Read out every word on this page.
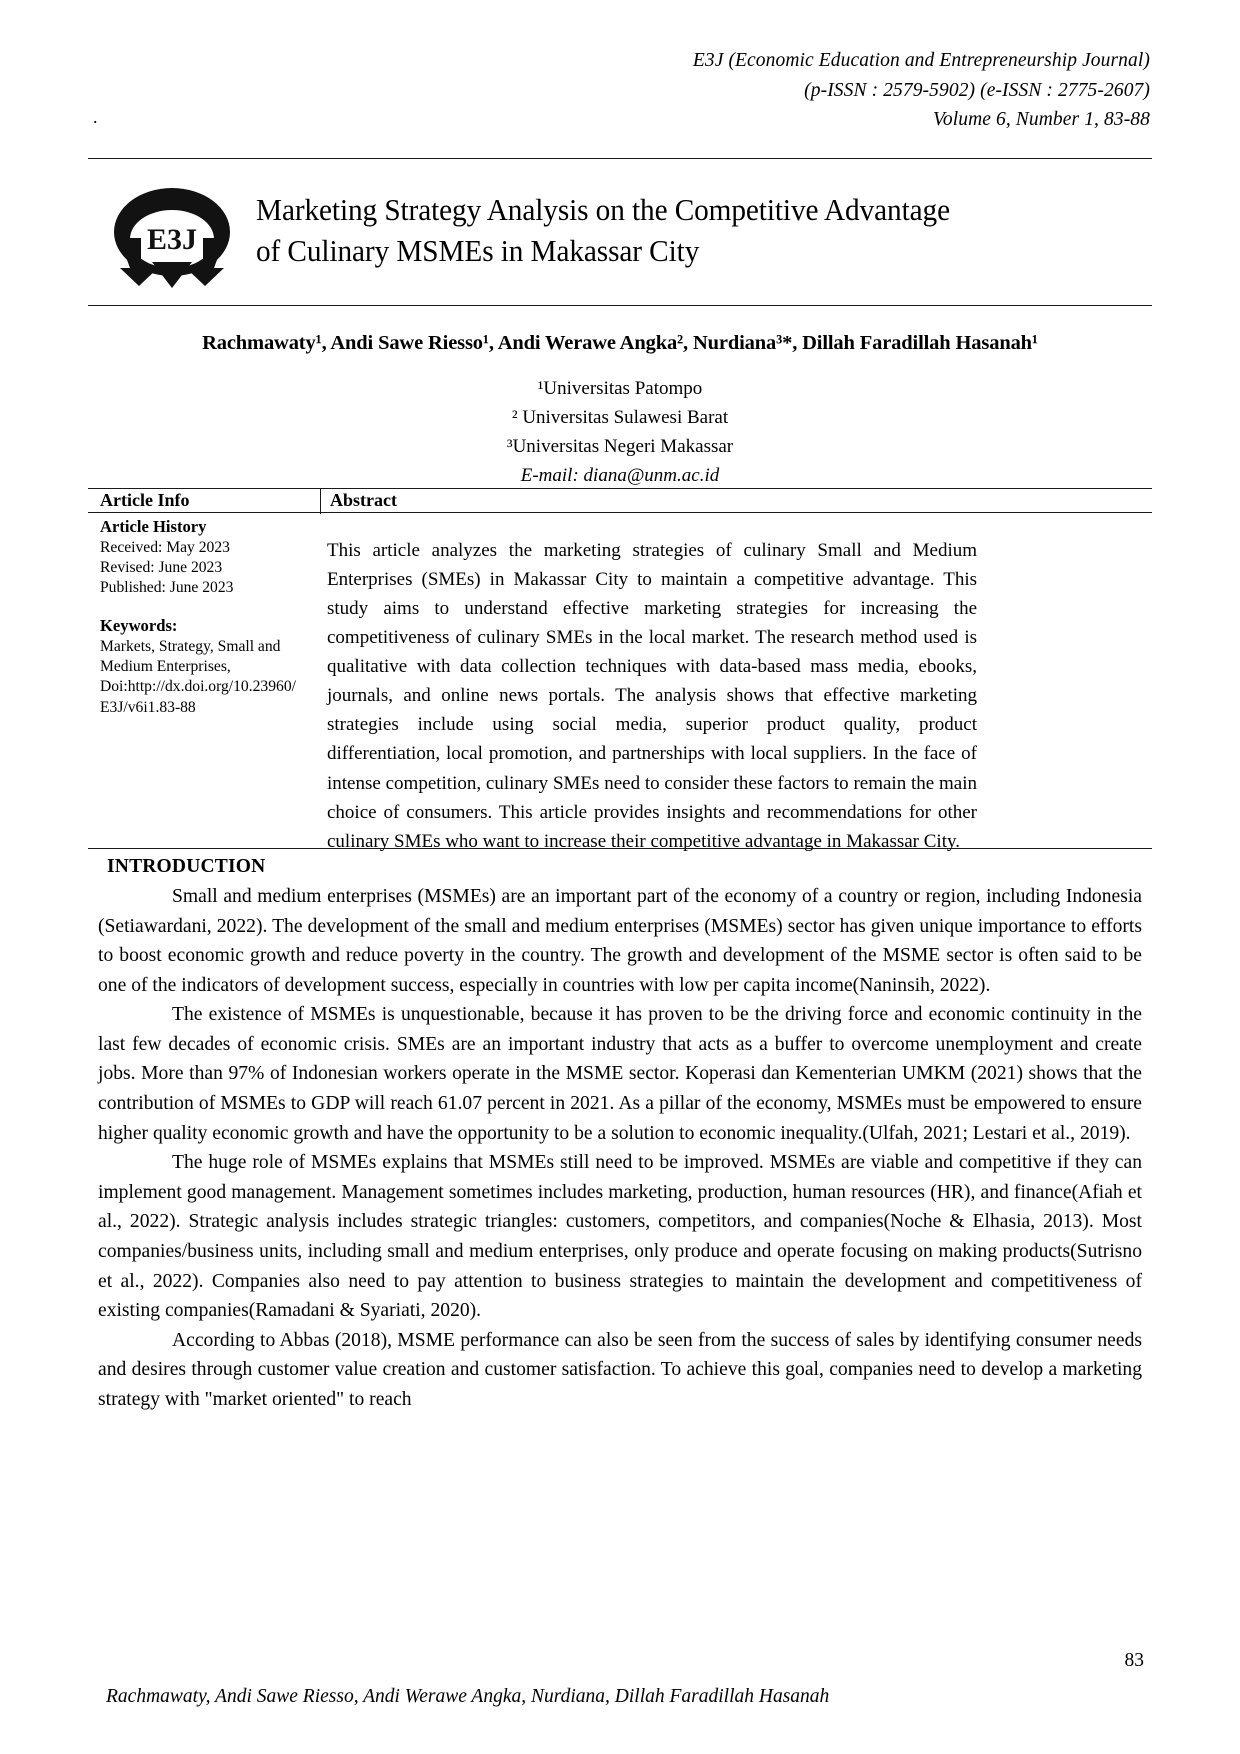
E3J (Economic Education and Entrepreneurship Journal)
(p-ISSN : 2579-5902) (e-ISSN : 2775-2607)
Volume 6, Number 1, 83-88
.
E3J
Marketing Strategy Analysis on the Competitive Advantage
of Culinary MSMEs in Makassar City
Rachmawaty¹, Andi Sawe Riesso¹, Andi Werawe Angka², Nurdiana³*, Dillah Faradillah Hasanah¹
¹Universitas Patompo
² Universitas Sulawesi Barat
³Universitas Negeri Makassar
E-mail: diana@unm.ac.id
Article Info	Abstract
Article History
Received: May 2023
Revised: June 2023
Published: June 2023
Keywords:
Markets, Strategy, Small and
Medium Enterprises,
Doi:http://dx.doi.org/10.23960/
E3J/v6i1.83-88
This article analyzes the marketing strategies of culinary Small and Medium Enterprises (SMEs) in Makassar City to maintain a competitive advantage. This study aims to understand effective marketing strategies for increasing the competitiveness of culinary SMEs in the local market. The research method used is qualitative with data collection techniques with data-based mass media, ebooks, journals, and online news portals. The analysis shows that effective marketing strategies include using social media, superior product quality, product differentiation, local promotion, and partnerships with local suppliers. In the face of intense competition, culinary SMEs need to consider these factors to remain the main choice of consumers. This article provides insights and recommendations for other culinary SMEs who want to increase their competitive advantage in Makassar City.
INTRODUCTION

Small and medium enterprises (MSMEs) are an important part of the economy of a country or region, including Indonesia (Setiawardani, 2022). The development of the small and medium enterprises (MSMEs) sector has given unique importance to efforts to boost economic growth and reduce poverty in the country. The growth and development of the MSME sector is often said to be one of the indicators of development success, especially in countries with low per capita income(Naninsih, 2022).

The existence of MSMEs is unquestionable, because it has proven to be the driving force and economic continuity in the last few decades of economic crisis. SMEs are an important industry that acts as a buffer to overcome unemployment and create jobs. More than 97% of Indonesian workers operate in the MSME sector. Koperasi dan Kementerian UMKM (2021) shows that the contribution of MSMEs to GDP will reach 61.07 percent in 2021. As a pillar of the economy, MSMEs must be empowered to ensure higher quality economic growth and have the opportunity to be a solution to economic inequality.(Ulfah, 2021; Lestari et al., 2019).

The huge role of MSMEs explains that MSMEs still need to be improved. MSMEs are viable and competitive if they can implement good management. Management sometimes includes marketing, production, human resources (HR), and finance(Afiah et al., 2022). Strategic analysis includes strategic triangles: customers, competitors, and companies(Noche & Elhasia, 2013). Most companies/business units, including small and medium enterprises, only produce and operate focusing on making products(Sutrisno et al., 2022). Companies also need to pay attention to business strategies to maintain the development and competitiveness of existing companies(Ramadani & Syariati, 2020).

According to Abbas (2018), MSME performance can also be seen from the success of sales by identifying consumer needs and desires through customer value creation and customer satisfaction. To achieve this goal, companies need to develop a marketing strategy with "market oriented" to reach

83
Rachmawaty, Andi Sawe Riesso, Andi Werawe Angka, Nurdiana, Dillah Faradillah Hasanah
